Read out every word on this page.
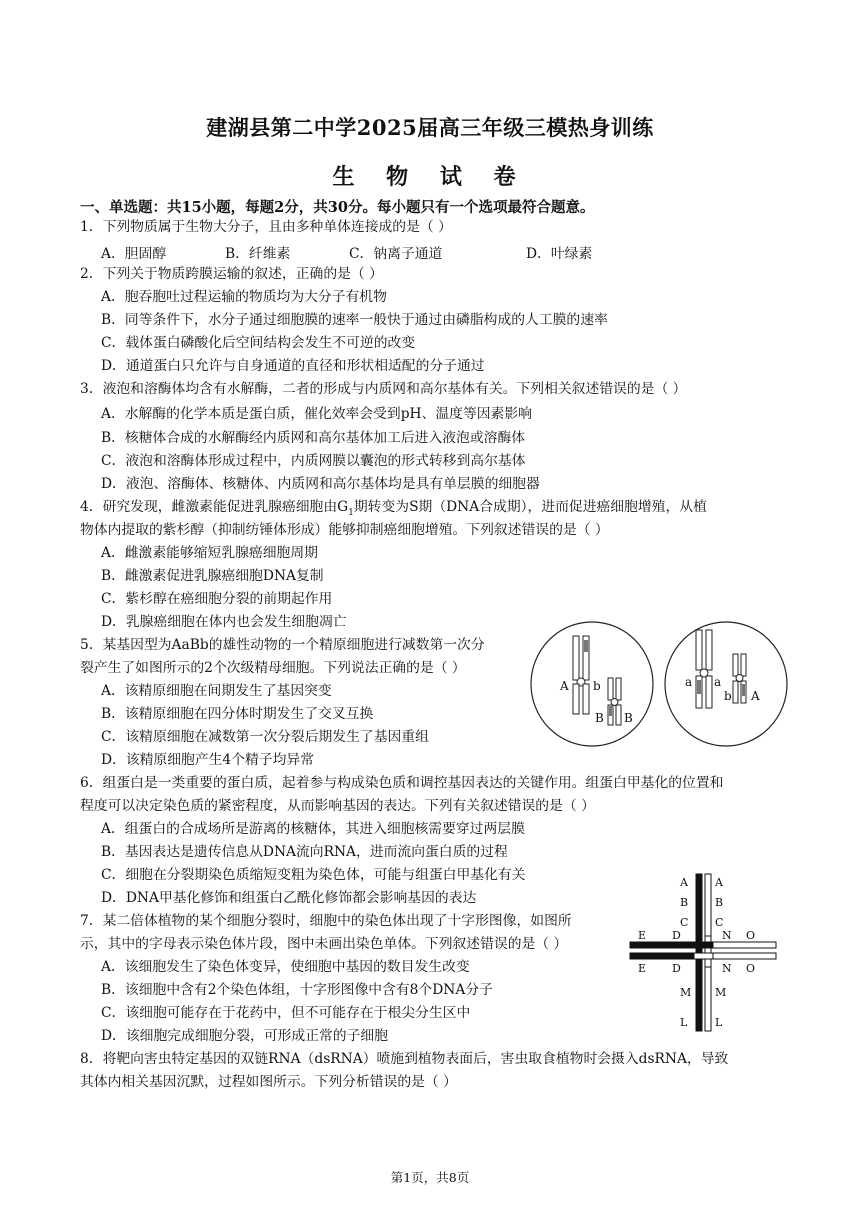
建湖县第二中学2025届高三年级三模热身训练
生 物 试 卷
一、单选题：共15小题，每题2分，共30分。每小题只有一个选项最符合题意。
1．下列物质属于生物大分子，且由多种单体连接成的是（ ）
A．胆固醇	B．纤维素	C．钠离子通道	D．叶绿素
2．下列关于物质跨膜运输的叙述，正确的是（ ）
A．胞吞胞吐过程运输的物质均为大分子有机物
B．同等条件下，水分子通过细胞膜的速率一般快于通过由磷脂构成的人工膜的速率
C．载体蛋白磷酸化后空间结构会发生不可逆的改变
D．通道蛋白只允许与自身通道的直径和形状相适配的分子通过
3．液泡和溶酶体均含有水解酶，二者的形成与内质网和高尔基体有关。下列相关叙述错误的是（ ）
A．水解酶的化学本质是蛋白质，催化效率会受到pH、温度等因素影响
B．核糖体合成的水解酶经内质网和高尔基体加工后进入液泡或溶酶体
C．液泡和溶酶体形成过程中，内质网膜以囊泡的形式转移到高尔基体
D．液泡、溶酶体、核糖体、内质网和高尔基体均是具有单层膜的细胞器
4．研究发现，雌激素能促进乳腺癌细胞由$G_1$期转变为S期（DNA合成期），进而促进癌细胞增殖，从植
物体内提取的紫杉醇（抑制纺锤体形成）能够抑制癌细胞增殖。下列叙述错误的是（ ）
A．雌激素能够缩短乳腺癌细胞周期
B．雌激素促进乳腺癌细胞DNA复制
C．紫杉醇在癌细胞分裂的前期起作用
D．乳腺癌细胞在体内也会发生细胞凋亡
5．某基因型为AaBb的雄性动物的一个精原细胞进行减数第一次分
裂产生了如图所示的2个次级精母细胞。下列说法正确的是（ ）
A．该精原细胞在间期发生了基因突变
B．该精原细胞在四分体时期发生了交叉互换
C．该精原细胞在减数第一次分裂后期发生了基因重组
D．该精原细胞产生4个精子均异常
A b
B B
a a
b A
6．组蛋白是一类重要的蛋白质，起着参与构成染色质和调控基因表达的关键作用。组蛋白甲基化的位置和
程度可以决定染色质的紧密程度，从而影响基因的表达。下列有关叙述错误的是（ ）
A．组蛋白的合成场所是游离的核糖体，其进入细胞核需要穿过两层膜
B．基因表达是遗传信息从DNA流向RNA，进而流向蛋白质的过程
C．细胞在分裂期染色质缩短变粗为染色体，可能与组蛋白甲基化有关
D．DNA甲基化修饰和组蛋白乙酰化修饰都会影响基因的表达
7．某二倍体植物的某个细胞分裂时，细胞中的染色体出现了十字形图像，如图所
示，其中的字母表示染色体片段，图中未画出染色单体。下列叙述错误的是（ ）
A．该细胞发生了染色体变异，使细胞中基因的数目发生改变
B．该细胞中含有2个染色体组，十字形图像中含有8个DNA分子
C．该细胞可能存在于花药中，但不可能存在于根尖分生区中
D．该细胞完成细胞分裂，可形成正常的子细胞
A
B
C
A
B
C
E D
E D
N O
N O
M M
L	L
8．将靶向害虫特定基因的双链RNA（dsRNA）喷施到植物表面后，害虫取食植物时会摄入dsRNA，导致
其体内相关基因沉默，过程如图所示。下列分析错误的是（ ）
第1页，共8页
